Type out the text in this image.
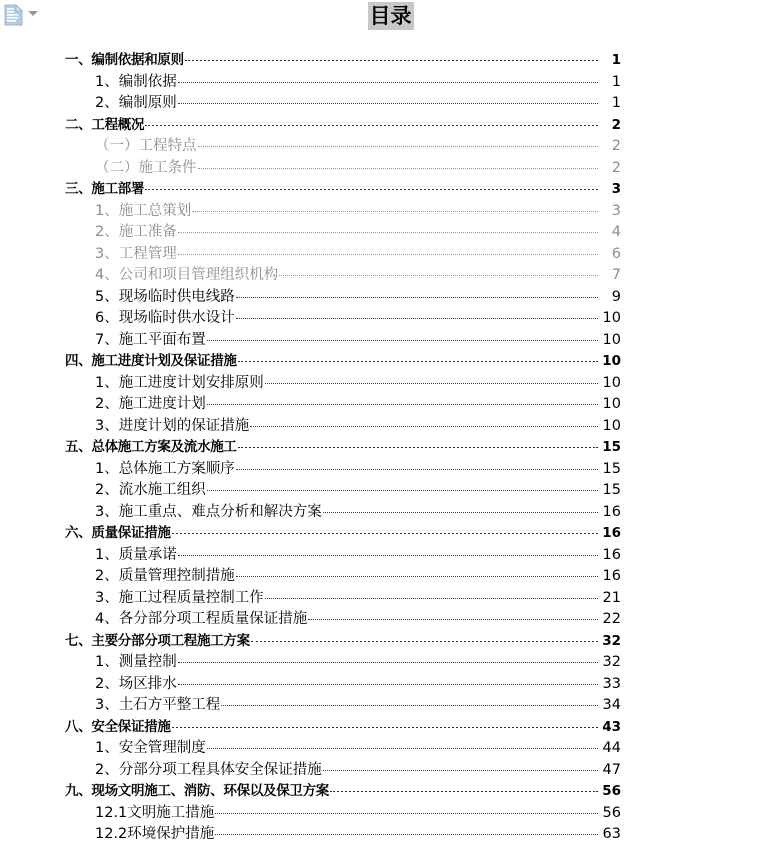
目录
一、编制依据和原则	1
1、编制依据	1
2、编制原则	1
二、工程概况	2
（一）工程特点	2
（二）施工条件	2
三、施工部署	3
1、施工总策划	3
2、施工准备	4
3、工程管理	6
4、公司和项目管理组织机构	7
5、现场临时供电线路	9
6、现场临时供水设计	10
7、施工平面布置	10
四、施工进度计划及保证措施	10
1、施工进度计划安排原则	10
2、施工进度计划	10
3、进度计划的保证措施	10
五、总体施工方案及流水施工	15
1、总体施工方案顺序	15
2、流水施工组织	15
3、施工重点、难点分析和解决方案	16
六、质量保证措施	16
1、质量承诺	16
2、质量管理控制措施	16
3、施工过程质量控制工作	21
4、各分部分项工程质量保证措施	22
七、主要分部分项工程施工方案	32
1、测量控制	32
2、场区排水	33
3、土石方平整工程	34
八、安全保证措施	43
1、安全管理制度	44
2、分部分项工程具体安全保证措施	47
九、现场文明施工、消防、环保以及保卫方案	56
12.1文明施工措施	56
12.2环境保护措施	63
